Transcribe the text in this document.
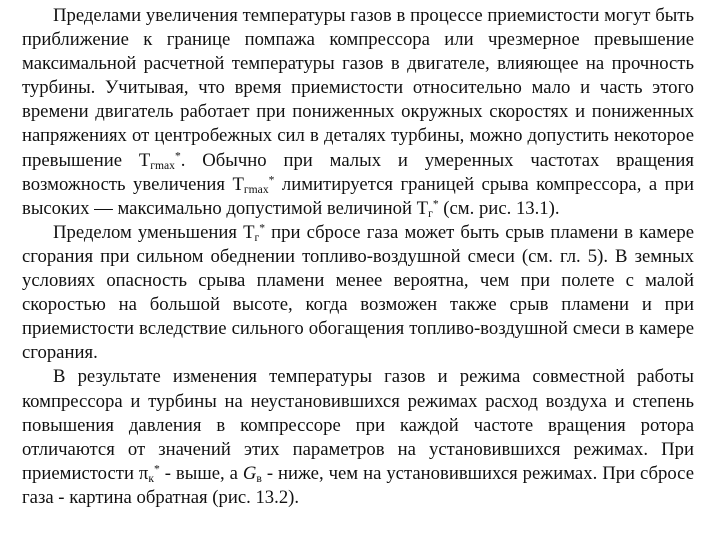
Пределами увеличения температуры газов в процессе приемистости могут быть приближение к границе помпажа компрессора или чрезмерное превышение максимальной расчетной температуры газов в двигателе, влияющее на прочность турбины. Учитывая, что время приемистости относительно мало и часть этого времени двигатель работает при пониженных окружных скоростях и пониженных напряжениях от центробежных сил в деталях турбины, можно допустить некоторое превышение $Т_{гmax}^*$. Обычно при малых и умеренных частотах вращения возможность увеличения $Т_{гmax}^*$ лимитируется границей срыва компрессора, а при высоких — максимально допустимой величиной $Т_г^*$ (см. рис. 13.1).

Пределом уменьшения $Т_г^*$ при сбросе газа может быть срыв пламени в камере сгорания при сильном обеднении топливо-воздушной смеси (см. гл. 5). В земных условиях опасность срыва пламени менее вероятна, чем при полете с малой скоростью на большой высоте, когда возможен также срыв пламени и при приемистости вследствие сильного обогащения топливо-воздушной смеси в камере сгорания.

В результате изменения температуры газов и режима совместной работы компрессора и турбины на неустановившихся режимах расход воздуха и степень повышения давления в компрессоре при каждой частоте вращения ротора отличаются от значений этих параметров на установившихся режимах. При приемистости $\pi_к^*$ - выше, а $G_в$ - ниже, чем на установившихся режимах. При сбросе газа - картина обратная (рис. 13.2).
